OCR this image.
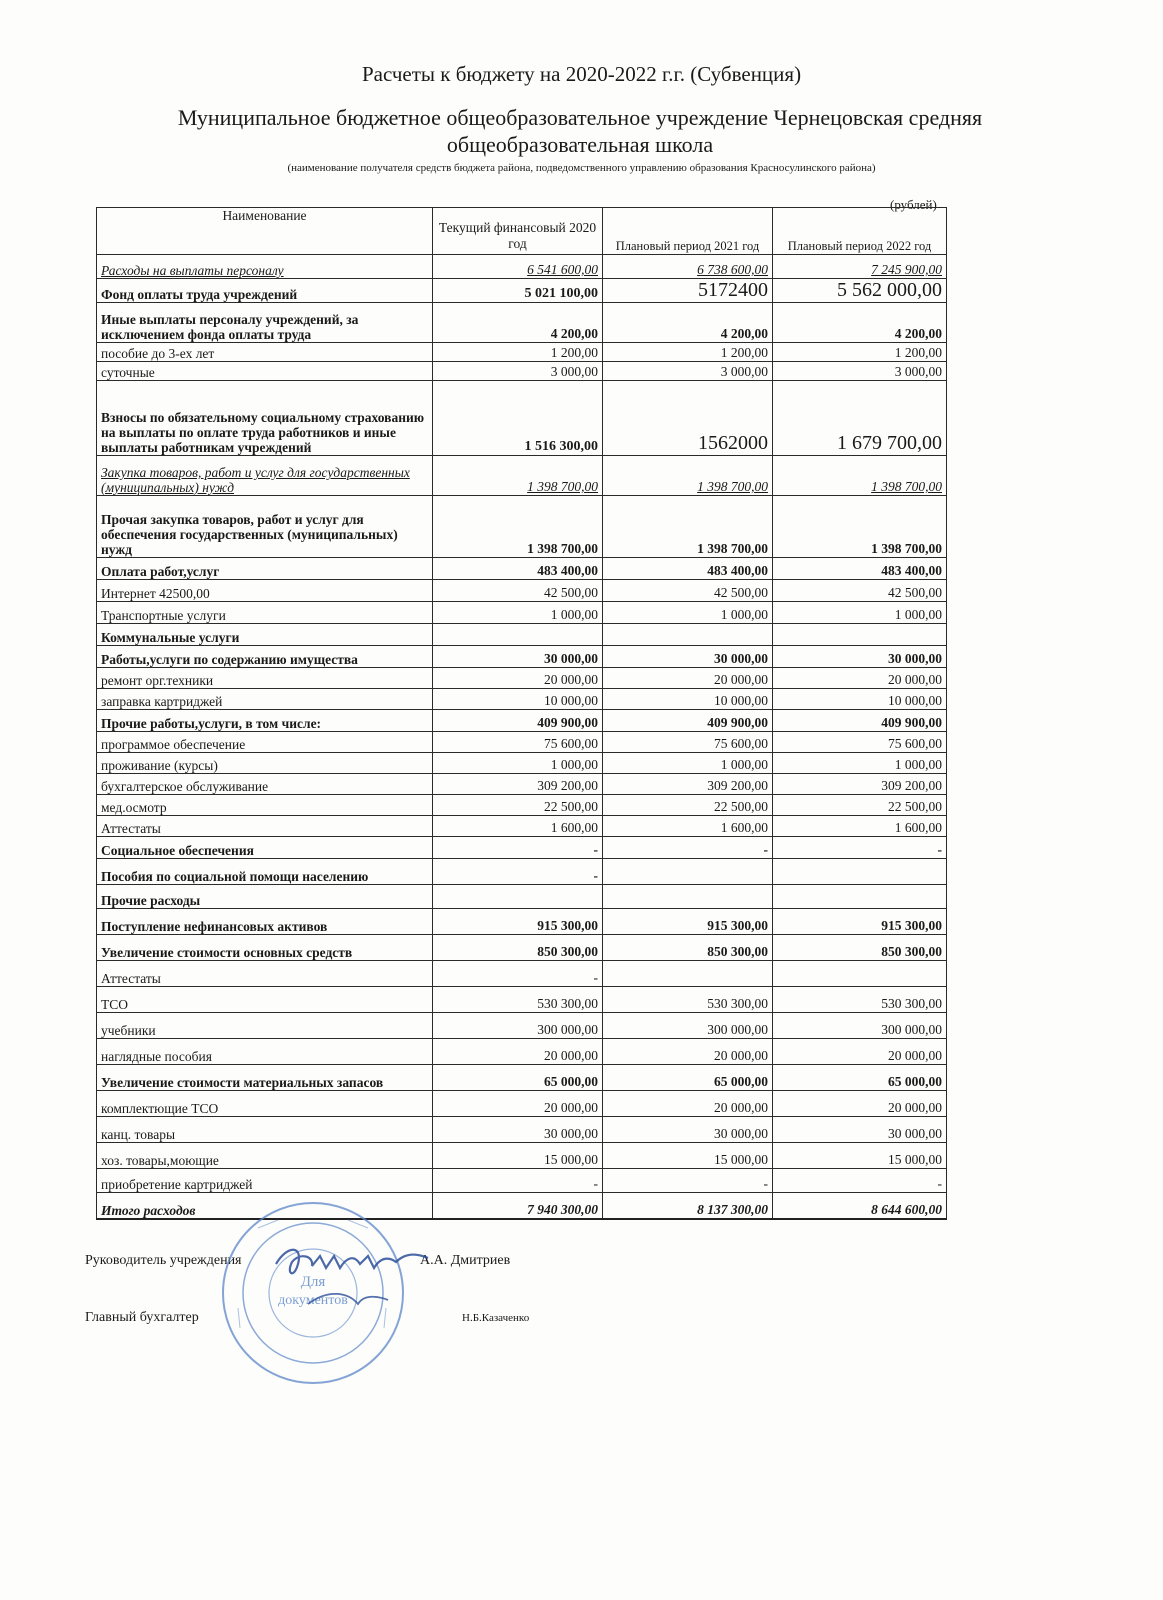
Расчеты к бюджету на 2020-2022 г.г. (Субвенция)
Муниципальное бюджетное общеобразовательное учреждение Чернецовская средняя общеобразовательная школа
(наименование получателя средств бюджета района, подведомственного управлению образования Красносулинского района)
(рублей)
Наименование	Текущий финансовый 2020 год	Плановый период 2021 год	Плановый период 2022 год
Расходы на выплаты персоналу	6 541 600,00	6 738 600,00	7 245 900,00
Фонд оплаты труда учреждений	5 021 100,00	5172400	5 562 000,00
Иные выплаты персоналу учреждений, за исключением фонда оплаты труда	4 200,00	4 200,00	4 200,00
пособие до 3-ех лет	1 200,00	1 200,00	1 200,00
суточные	3 000,00	3 000,00	3 000,00
Взносы по обязательному социальному страхованию на выплаты по оплате труда работников и иные выплаты работникам учреждений	1 516 300,00	1562000	1 679 700,00
Закупка товаров, работ и услуг для государственных (муниципальных) нужд	1 398 700,00	1 398 700,00	1 398 700,00
Прочая закупка товаров, работ и услуг для обеспечения государственных (муниципальных) нужд	1 398 700,00	1 398 700,00	1 398 700,00
Оплата работ,услуг	483 400,00	483 400,00	483 400,00
Интернет 42500,00	42 500,00	42 500,00	42 500,00
Транспортные услуги	1 000,00	1 000,00	1 000,00
Коммунальные услуги			
Работы,услуги по содержанию имущества	30 000,00	30 000,00	30 000,00
ремонт орг.техники	20 000,00	20 000,00	20 000,00
заправка картриджей	10 000,00	10 000,00	10 000,00
Прочие работы,услуги, в том числе:	409 900,00	409 900,00	409 900,00
программое обеспечение	75 600,00	75 600,00	75 600,00
проживание (курсы)	1 000,00	1 000,00	1 000,00
бухгалтерское обслуживание	309 200,00	309 200,00	309 200,00
мед.осмотр	22 500,00	22 500,00	22 500,00
Аттестаты	1 600,00	1 600,00	1 600,00
Социальное обеспечения	-	-	-
Пособия по социальной помощи населению	-		
Прочие расходы			
Поступление нефинансовых активов	915 300,00	915 300,00	915 300,00
Увеличение стоимости основных средств	850 300,00	850 300,00	850 300,00
Аттестаты	-		
ТСО	530 300,00	530 300,00	530 300,00
учебники	300 000,00	300 000,00	300 000,00
наглядные пособия	20 000,00	20 000,00	20 000,00
Увеличение стоимости материальных запасов	65 000,00	65 000,00	65 000,00
комплектющие ТСО	20 000,00	20 000,00	20 000,00
канц. товары	30 000,00	30 000,00	30 000,00
хоз. товары,моющие	15 000,00	15 000,00	15 000,00
приобретение картриджей	-	-	-
Итого расходов	7 940 300,00	8 137 300,00	8 644 600,00
Руководитель учреждения	А.А. Дмитриев
Главный бухгалтер	Н.Б.Казаченко
Для
документов
